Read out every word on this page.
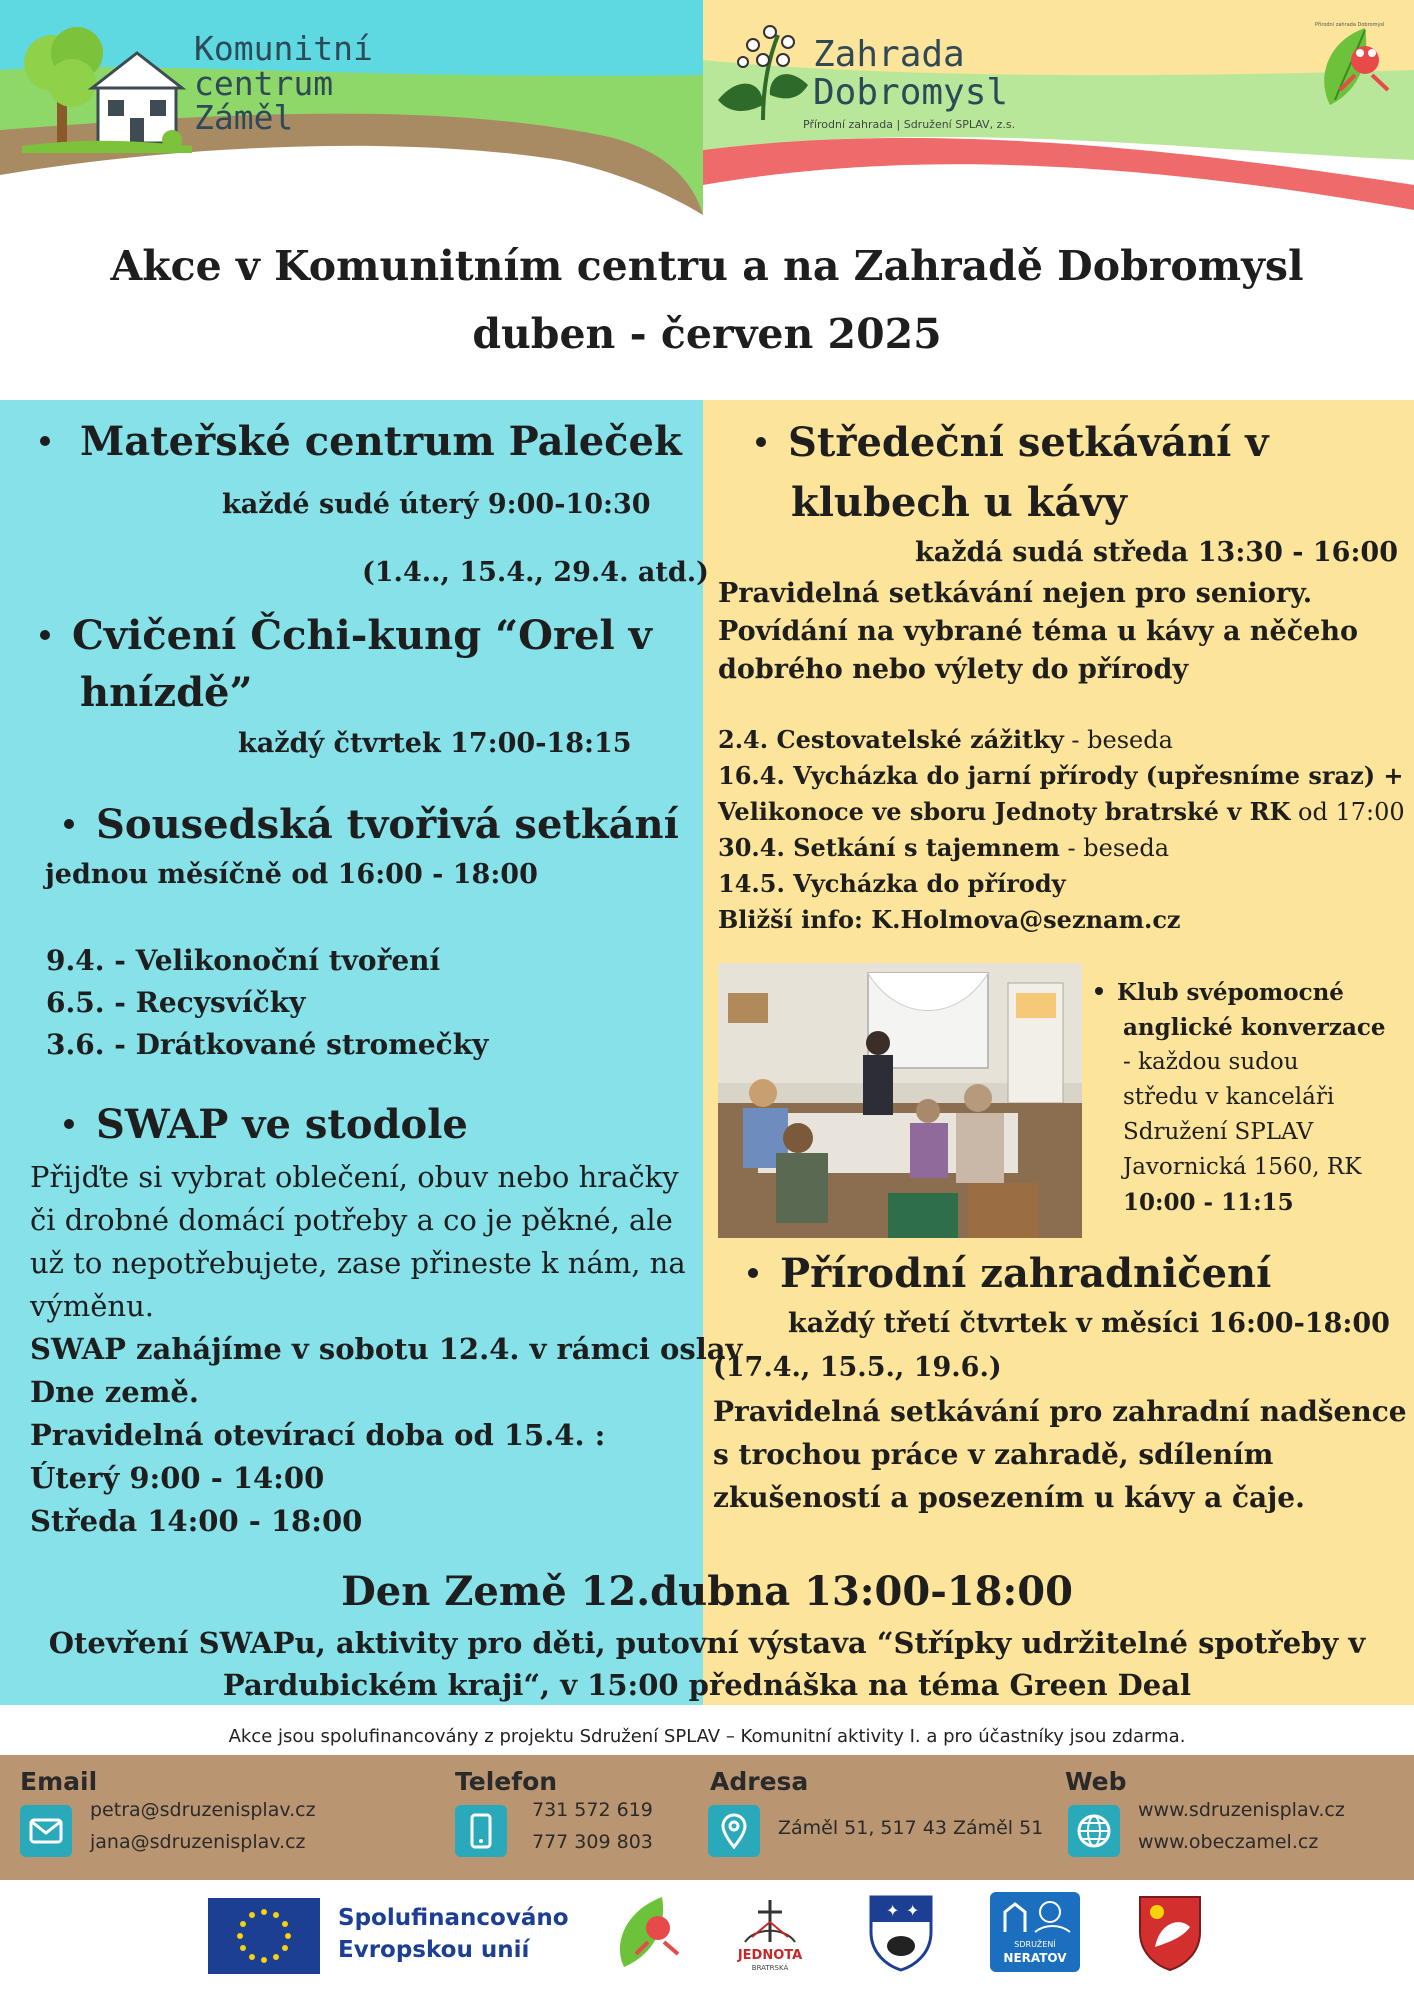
Komunitní
centrum
Záměl
Zahrada
Dobromysl
Přírodní zahrada | Sdružení SPLAV, z.s.
Přírodní zahrada Dobromysl
Akce v Komunitním centru a na Zahradě Dobromysl
duben - červen 2025
Mateřské centrum Paleček
každé sudé úterý 9:00-10:30
(1.4.., 15.4., 29.4. atd.)
Cvičení Čchi-kung “Orel v
hnízdě”
každý čtvrtek 17:00-18:15
Sousedská tvořivá setkání
jednou měsíčně od 16:00 - 18:00
9.4. - Velikonoční tvoření
6.5. - Recysvíčky
3.6. - Drátkované stromečky
SWAP ve stodole
Přijďte si vybrat oblečení, obuv nebo hračky
či drobné domácí potřeby a co je pěkné, ale
už to nepotřebujete, zase přineste k nám, na
výměnu.
SWAP zahájíme v sobotu 12.4. v rámci oslav
Dne země.
Pravidelná otevírací doba od 15.4. :
Úterý 9:00 - 14:00
Středa 14:00 - 18:00
Středeční setkávání v
klubech u kávy
každá sudá středa 13:30 - 16:00
Pravidelná setkávání nejen pro seniory.
Povídání na vybrané téma u kávy a něčeho
dobrého nebo výlety do přírody
2.4. Cestovatelské zážitky - beseda
16.4. Vycházka do jarní přírody (upřesníme sraz) +
Velikonoce ve sboru Jednoty bratrské v RK od 17:00
30.4. Setkání s tajemnem - beseda
14.5. Vycházka do přírody
Bližší info: K.Holmova@seznam.cz
Klub svépomocné
anglické konverzace
- každou sudou
středu v kanceláři
Sdružení SPLAV
Javornická 1560, RK
10:00 - 11:15
Přírodní zahradničení
každý třetí čtvrtek v měsíci 16:00-18:00
(17.4., 15.5., 19.6.)
Pravidelná setkávání pro zahradní nadšence
s trochou práce v zahradě, sdílením
zkušeností a posezením u kávy a čaje.
Den Země 12.dubna 13:00-18:00
Otevření SWAPu, aktivity pro děti, putovní výstava “Střípky udržitelné spotřeby v
Pardubickém kraji“, v 15:00 přednáška na téma Green Deal
Akce jsou spolufinancovány z projektu Sdružení SPLAV – Komunitní aktivity I. a pro účastníky jsou zdarma.
Email
petra@sdruzenisplav.cz
jana@sdruzenisplav.cz
Telefon
731 572 619
777 309 803
Adresa
Záměl 51, 517 43 Záměl 51
Web
www.sdruzenisplav.cz
www.obeczamel.cz
Spolufinancováno
Evropskou unií	JEDNOTA
BRATRSKÁ
✦ ✦
SDRUŽENÍ
NERATOV
